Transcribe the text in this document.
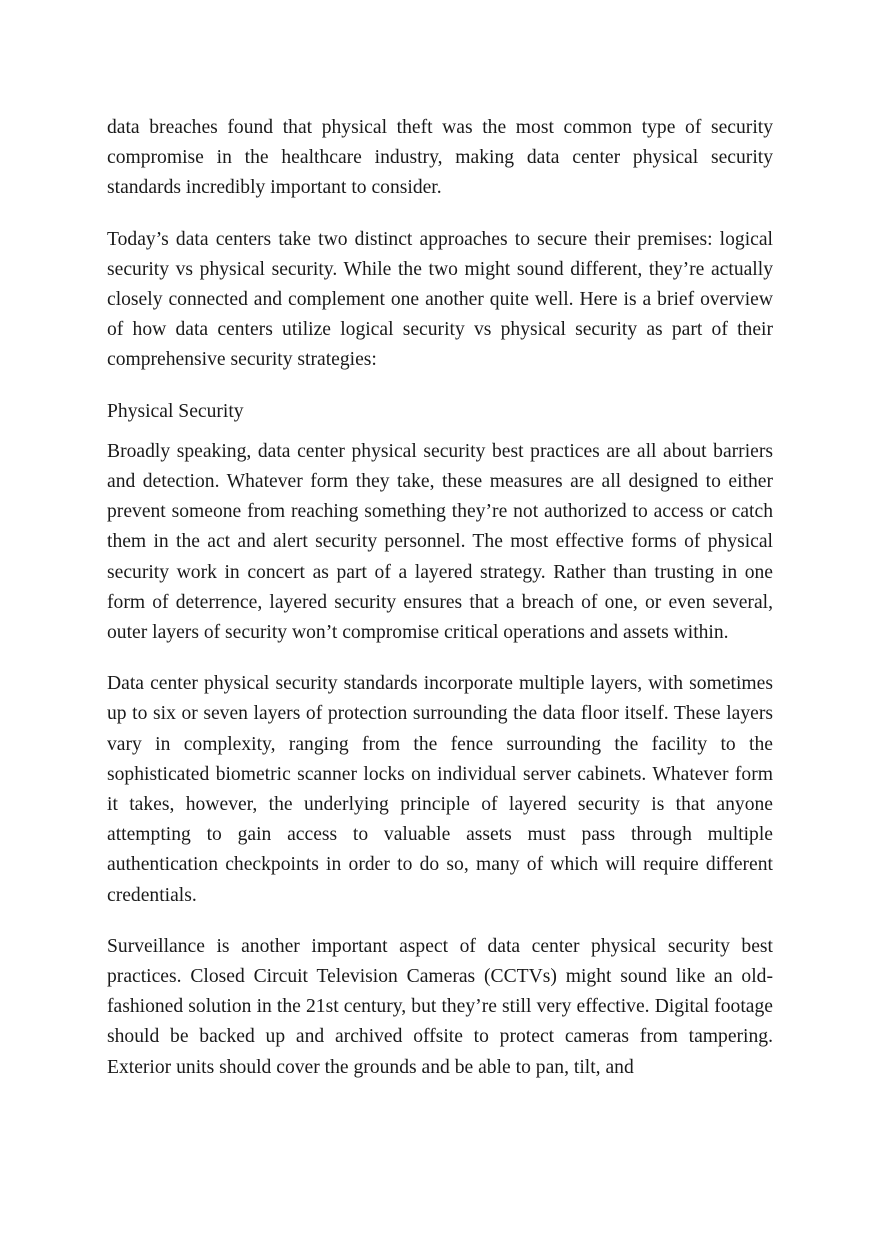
data breaches found that physical theft was the most common type of security compromise in the healthcare industry, making data center physical security standards incredibly important to consider.

Today’s data centers take two distinct approaches to secure their premises: logical security vs physical security. While the two might sound different, they’re actually closely connected and complement one another quite well. Here is a brief overview of how data centers utilize logical security vs physical security as part of their comprehensive security strategies:

Physical Security

Broadly speaking, data center physical security best practices are all about barriers and detection. Whatever form they take, these measures are all designed to either prevent someone from reaching something they’re not authorized to access or catch them in the act and alert security personnel. The most effective forms of physical security work in concert as part of a layered strategy. Rather than trusting in one form of deterrence, layered security ensures that a breach of one, or even several, outer layers of security won’t compromise critical operations and assets within.

Data center physical security standards incorporate multiple layers, with sometimes up to six or seven layers of protection surrounding the data floor itself. These layers vary in complexity, ranging from the fence surrounding the facility to the sophisticated biometric scanner locks on individual server cabinets. Whatever form it takes, however, the underlying principle of layered security is that anyone attempting to gain access to valuable assets must pass through multiple authentication checkpoints in order to do so, many of which will require different credentials.

Surveillance is another important aspect of data center physical security best practices. Closed Circuit Television Cameras (CCTVs) might sound like an old-fashioned solution in the 21st century, but they’re still very effective. Digital footage should be backed up and archived offsite to protect cameras from tampering. Exterior units should cover the grounds and be able to pan, tilt, and
